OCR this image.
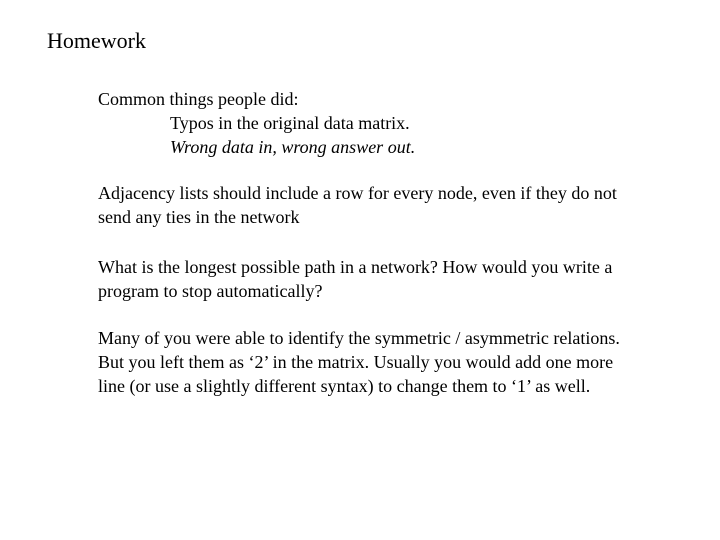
Homework
Common things people did:
Typos in the original data matrix.
Wrong data in, wrong answer out.
Adjacency lists should include a row for every node, even if they do not
send any ties in the network
What is the longest possible path in a network? How would you write a
program to stop automatically?
Many of you were able to identify the symmetric / asymmetric relations.
But you left them as ‘2’ in the matrix. Usually you would add one more
line (or use a slightly different syntax) to change them to ‘1’ as well.
